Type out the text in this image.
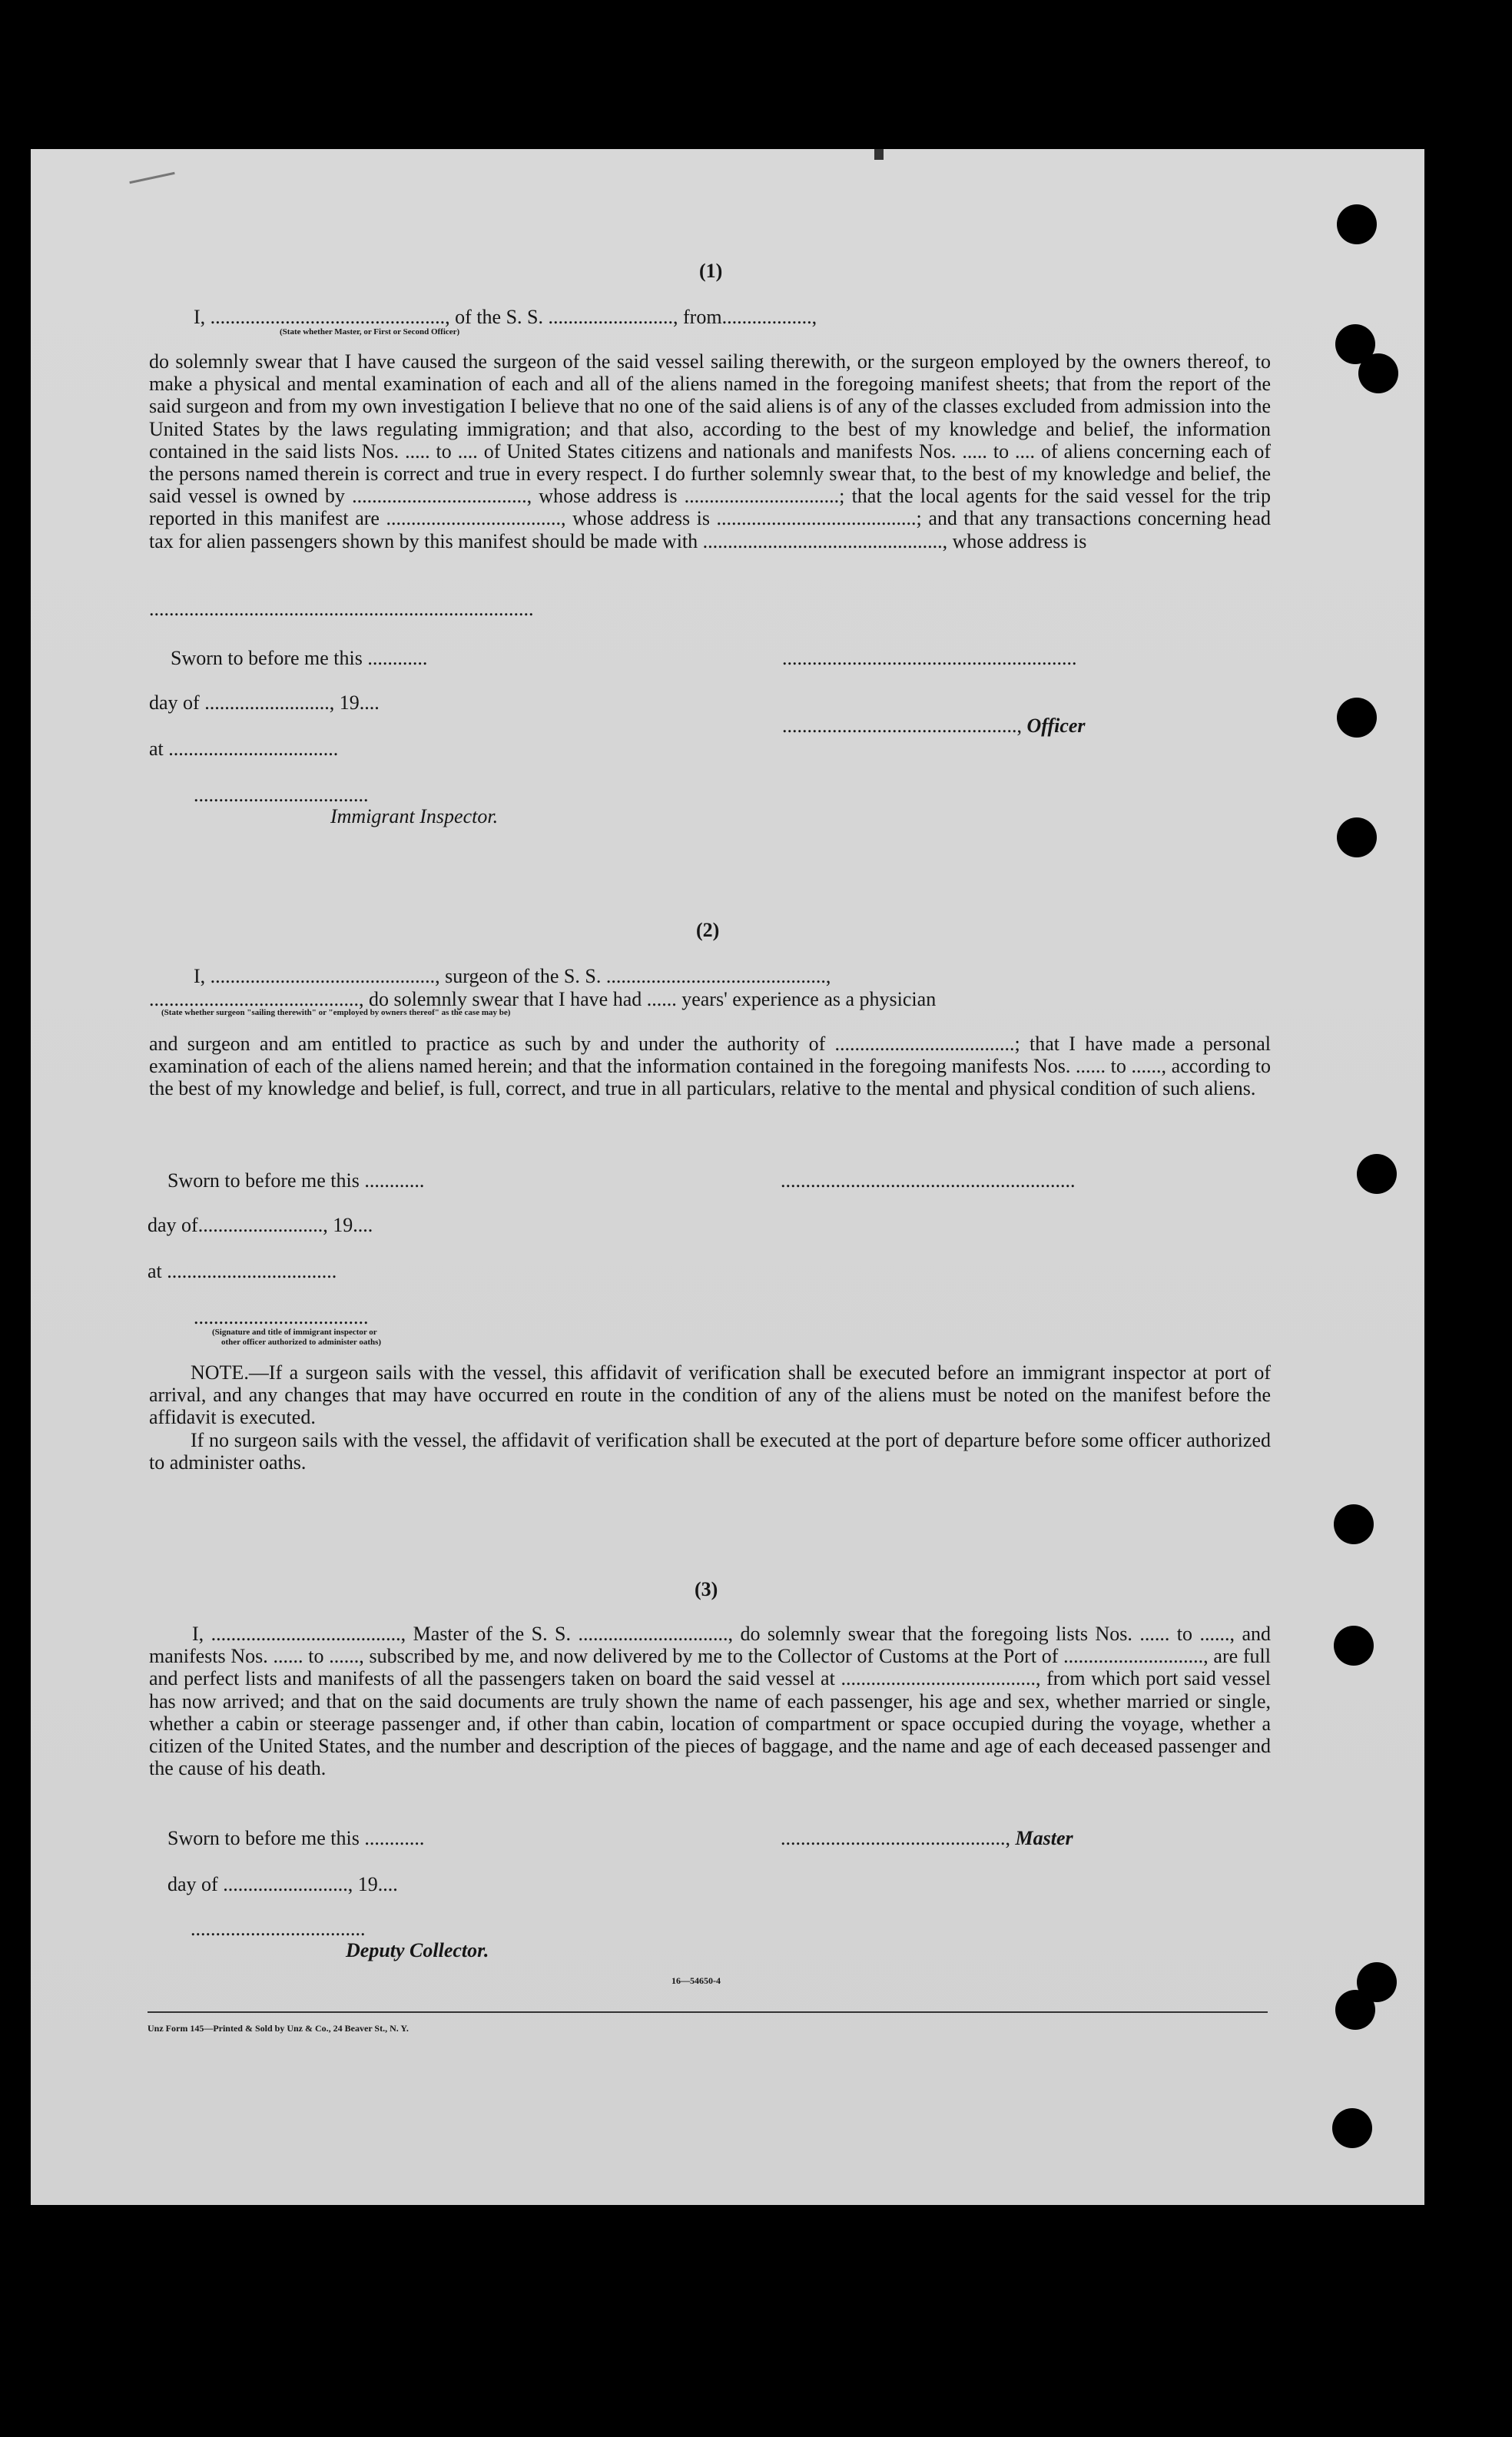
(1)
I, ..............................................., of the S. S. ........................., from..................,
(State whether Master, or First or Second Officer)
do solemnly swear that I have caused the surgeon of the said vessel sailing therewith, or the surgeon employed by the owners thereof, to make a physical and mental examination of each and all of the aliens named in the foregoing manifest sheets; that from the report of the said surgeon and from my own investigation I believe that no one of the said aliens is of any of the classes excluded from admission into the United States by the laws regulating immigration; and that also, according to the best of my knowledge and belief, the information contained in the said lists Nos. ..... to .... of United States citizens and nationals and manifests Nos. ..... to .... of aliens concerning each of the persons named therein is correct and true in every respect. I do further solemnly swear that, to the best of my knowledge and belief, the said vessel is owned by ..................................., whose address is ...............................; that the local agents for the said vessel for the trip reported in this manifest are ..................................., whose address is ........................................; and that any transactions concerning head tax for alien passengers shown by this manifest should be made with ................................................, whose address is
.............................................................................
Sworn to before me this ............	...........................................................
day of ........................., 19....
..............................................., Officer
at ..................................
...................................
Immigrant Inspector.
(2)
I, ............................................., surgeon of the S. S. ............................................,
.........................................., do solemnly swear that I have had ...... years' experience as a physician
(State whether surgeon "sailing therewith" or "employed by owners thereof" as the case may be)
and surgeon and am entitled to practice as such by and under the authority of ....................................; that I have made a personal examination of each of the aliens named herein; and that the information contained in the foregoing manifests Nos. ...... to ......, according to the best of my knowledge and belief, is full, correct, and true in all particulars, relative to the mental and physical condition of such aliens.
Sworn to before me this ............	...........................................................
day of........................., 19....
at ..................................
...................................
(Signature and title of immigrant inspector or
other officer authorized to administer oaths)
NOTE.—If a surgeon sails with the vessel, this affidavit of verification shall be executed before an immigrant inspector at port of arrival, and any changes that may have occurred en route in the condition of any of the aliens must be noted on the manifest before the affidavit is executed.
If no surgeon sails with the vessel, the affidavit of verification shall be executed at the port of departure before some officer authorized to administer oaths.
(3)
I, ......................................, Master of the S. S. .............................., do solemnly swear that the foregoing lists Nos. ...... to ......, and manifests Nos. ...... to ......, subscribed by me, and now delivered by me to the Collector of Customs at the Port of ............................, are full and perfect lists and manifests of all the passengers taken on board the said vessel at ......................................., from which port said vessel has now arrived; and that on the said documents are truly shown the name of each passenger, his age and sex, whether married or single, whether a cabin or steerage passenger and, if other than cabin, location of compartment or space occupied during the voyage, whether a citizen of the United States, and the number and description of the pieces of baggage, and the name and age of each deceased passenger and the cause of his death.
Sworn to before me this ............	............................................., Master
day of ........................., 19....
...................................
Deputy Collector.
16—54650-4
Unz Form 145—Printed & Sold by Unz & Co., 24 Beaver St., N. Y.
